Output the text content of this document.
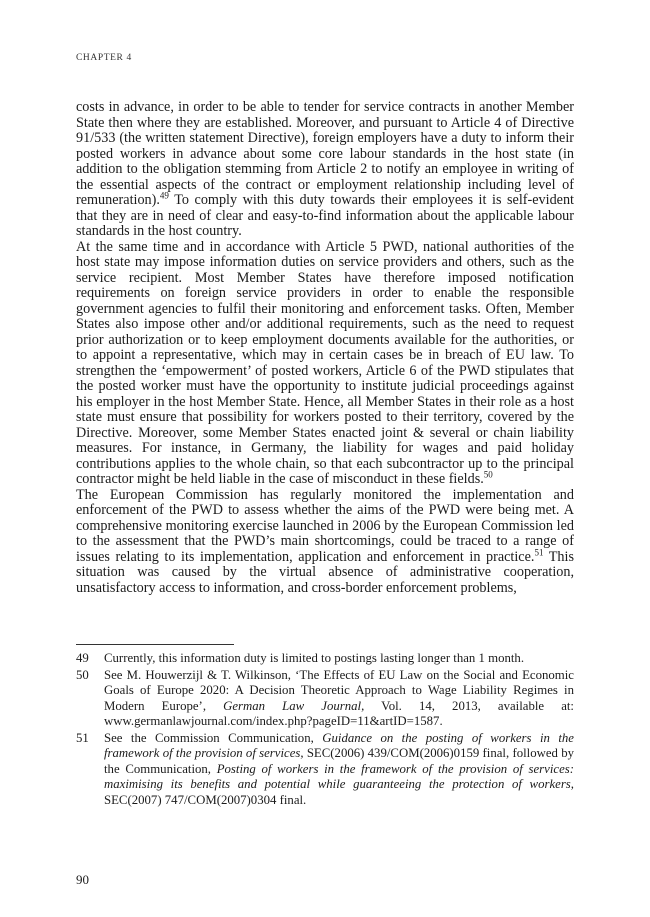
CHAPTER 4

costs in advance, in order to be able to tender for service contracts in another Member State then where they are established. Moreover, and pursuant to Article 4 of Directive 91/533 (the written statement Directive), foreign employers have a duty to inform their posted workers in advance about some core labour standards in the host state (in addition to the obligation stemming from Article 2 to notify an employee in writing of the essential aspects of the contract or employment relationship including level of remuneration).$^{49}$ To comply with this duty towards their employees it is self-evident that they are in need of clear and easy-to-find information about the applicable labour standards in the host country.

At the same time and in accordance with Article 5 PWD, national authorities of the host state may impose information duties on service providers and others, such as the service recipient. Most Member States have therefore imposed notification requirements on foreign service providers in order to enable the responsible government agencies to fulfil their monitoring and enforcement tasks. Often, Member States also impose other and/or additional requirements, such as the need to request prior authorization or to keep employment documents available for the authorities, or to appoint a representative, which may in certain cases be in breach of EU law. To strengthen the ‘empowerment’ of posted workers, Article 6 of the PWD stipulates that the posted worker must have the opportunity to institute judicial proceedings against his employer in the host Member State. Hence, all Member States in their role as a host state must ensure that possibility for workers posted to their territory, covered by the Directive. Moreover, some Member States enacted joint & several or chain liability measures. For instance, in Germany, the liability for wages and paid holiday contributions applies to the whole chain, so that each subcontractor up to the principal contractor might be held liable in the case of misconduct in these fields.$^{50}$

The European Commission has regularly monitored the implementation and enforcement of the PWD to assess whether the aims of the PWD were being met. A comprehensive monitoring exercise launched in 2006 by the European Commission led to the assessment that the PWD’s main shortcomings, could be traced to a range of issues relating to its implementation, application and enforcement in practice.$^{51}$ This situation was caused by the virtual absence of administrative cooperation, unsatisfactory access to information, and cross-border enforcement problems,

49	Currently, this information duty is limited to postings lasting longer than 1 month.
50	See M. Houwerzijl & T. Wilkinson, ‘The Effects of EU Law on the Social and Economic Goals of Europe 2020: A Decision Theoretic Approach to Wage Liability Regimes in Modern Europe’, German Law Journal, Vol. 14, 2013, available at: www.germanlawjournal.com/index.php?pageID=11&artID=1587.
51	See the Commission Communication, Guidance on the posting of workers in the framework of the provision of services, SEC(2006) 439/COM(2006)0159 final, followed by the Communication, Posting of workers in the framework of the provision of services: maximising its benefits and potential while guaranteeing the protection of workers, SEC(2007) 747/COM(2007)0304 final.
90
